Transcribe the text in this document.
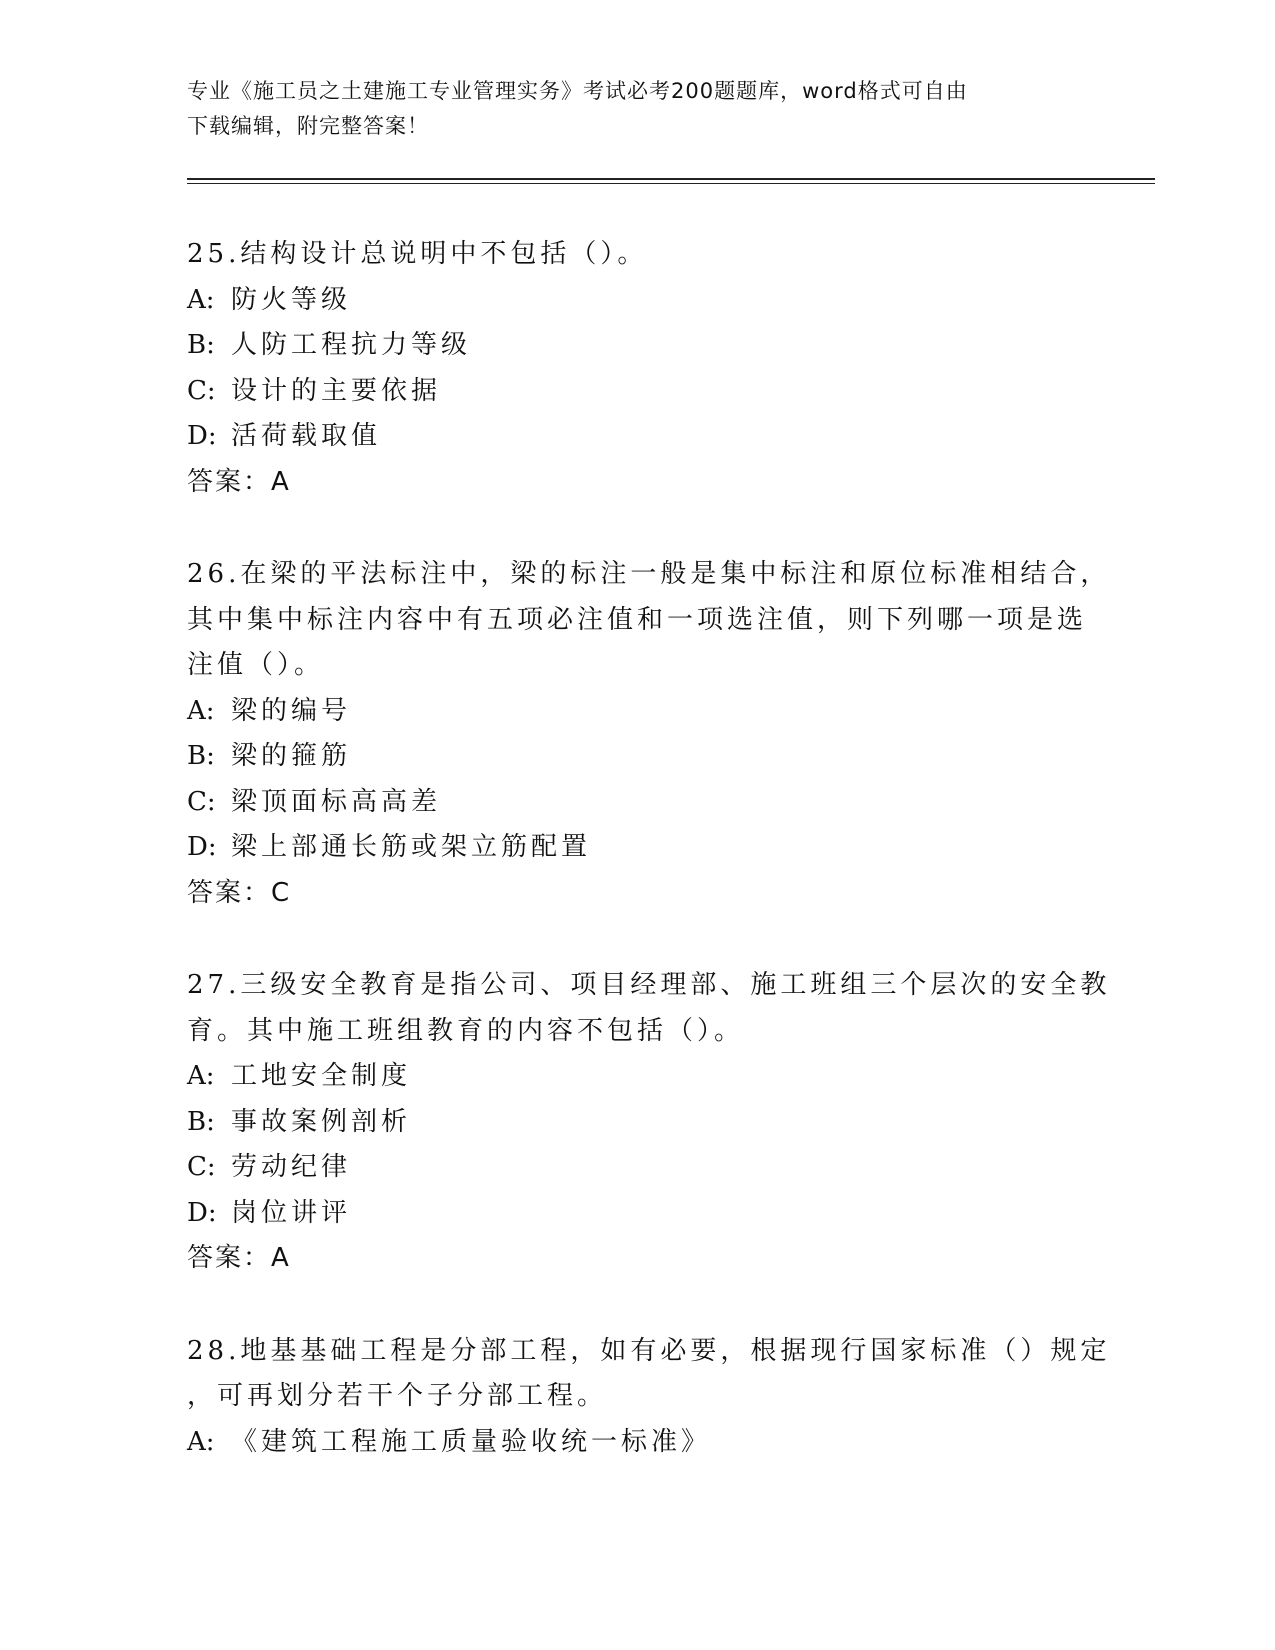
专业《施工员之土建施工专业管理实务》考试必考200题题库，word格式可自由
下载编辑，附完整答案！
25.结构设计总说明中不包括（）。
A: 防火等级
B: 人防工程抗力等级
C: 设计的主要依据
D: 活荷载取值
答案：A
26.在梁的平法标注中，梁的标注一般是集中标注和原位标准相结合，
其中集中标注内容中有五项必注值和一项选注值，则下列哪一项是选
注值（）。
A: 梁的编号
B: 梁的箍筋
C: 梁顶面标高高差
D: 梁上部通长筋或架立筋配置
答案：C
27.三级安全教育是指公司、项目经理部、施工班组三个层次的安全教
育。其中施工班组教育的内容不包括（）。
A: 工地安全制度
B: 事故案例剖析
C: 劳动纪律
D: 岗位讲评
答案：A
28.地基基础工程是分部工程，如有必要，根据现行国家标准（）规定
，可再划分若干个子分部工程。
A: 《建筑工程施工质量验收统一标准》
